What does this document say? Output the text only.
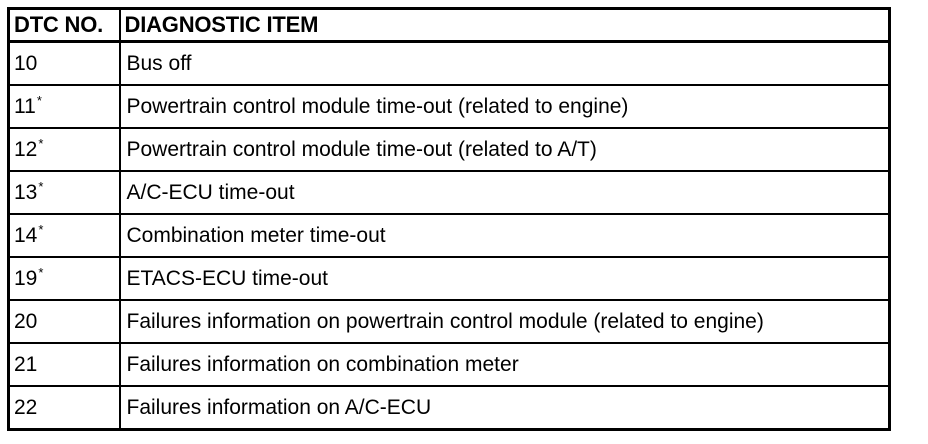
DTC NO.	DIAGNOSTIC ITEM
10	Bus off
11*	Powertrain control module time-out (related to engine)
12*	Powertrain control module time-out (related to A/T)
13*	A/C-ECU time-out
14*	Combination meter time-out
19*	ETACS-ECU time-out
20	Failures information on powertrain control module (related to engine)
21	Failures information on combination meter
22	Failures information on A/C-ECU
